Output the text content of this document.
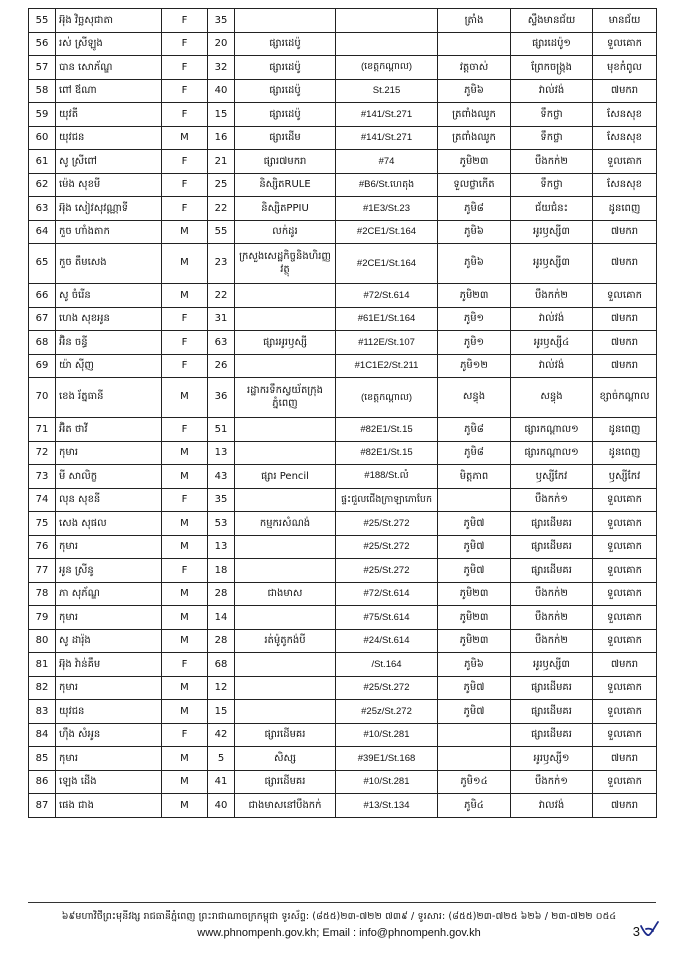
55	អ៊ុង វិច្ឆសុជាតា	F	35			ត្រាំង	ស្ទឹងមានជ័យ	មានជ័យ
56	រស់ ស្រីឡូង	F	20	ផ្សារដេប៉ូ			ផ្សារដេប៉ូ១	ទួលគោក
57	បាន សោភ័ណ្ឌ	F	32	ផ្សារដេប៉ូ	(ខេត្តកណ្ដាល)	វត្តចាស់	ព្រែកចង្ក្រង	មុខកំពូល
58	ពៅ ឪណា	F	40	ផ្សារដេប៉ូ	St.215	ភូមិ៦	វាល់វង់	៧មករា
59	យុវតី	F	15	ផ្សារដេប៉ូ	#141/St.271	ត្រពាំងឈូក	ទឹកថ្លា	សែនសុខ
60	យុវជន	M	16	ផ្សារដើម	#141/St.271	ត្រពាំងឈូក	ទឹកថ្លា	សែនសុខ
61	សូ ស្រីពៅ	F	21	ផ្សារ៧មករា	#74	ភូមិ២៣	បឹងកក់២	ទួលគោក
62	ម៉េង សុខមី	F	25	និស្សិតRULE	#B6/St.ហេតុង	ទួលថ្លាកើត	ទឹកថ្លា	សែនសុខ
63	អ៊ុង សៀវសុវណ្ណាទី	F	22	និស្សិតPPIU	#1E3/St.23	ភូមិ៨	ជ័យជំនះ	ដូនពេញ
64	កួច ហាំងតាក	M	55	លក់ដូរ	#2CE1/St.164	ភូមិ៦	អូរឫស្សី៣	៧មករា
65	កួច តឹមសេង	M	23	ក្រសួងសេដ្ឋកិច្ចនិងហិរញ្ញវត្ថុ	#2CE1/St.164	ភូមិ៦	អូរឫស្សី៣	៧មករា
66	សូ ចំរើន	M	22		#72/St.614	ភូមិ២៣	បឹងកក់២	ទួលគោក
67	ហេង សុខអូន	F	31		#61E1/St.164	ភូមិ១	វាល់វង់	៧មករា
68	អ៊ិន ចន្ធី	F	63	ផ្សារអូរឫស្សី	#112E/St.107	ភូមិ១	អូរឫស្សី៤	៧មករា
69	យ៉ា ស៊ីញ	F	26		#1C1E2/St.211	ភូមិ១២	វាល់វង់	៧មករា
70	ខេង រ័ត្នធានី	M	36	រដ្ឋាករទឹកស្វយ័តក្រុងភ្នំពេញ	(ខេត្តកណ្ដាល)	សន្ធុង	សន្ធុង	ខ្សាច់កណ្ដាល
71	អ៊ិត ថាវី	F	51		#82E1/St.15	ភូមិ៨	ផ្សារកណ្ដាល១	ដូនពេញ
72	កុមារ	M	13		#82E1/St.15	ភូមិ៨	ផ្សារកណ្ដាល១	ដូនពេញ
73	មី សាលិក្ខ	M	43	ផ្សារ Pencil	#188/St.លំ	មិត្តភាព	ឫស្សីកែវ	ឫស្សីកែវ
74	លុន សុខនី	F	35		ផ្ទះជួលជើងក្រាឡាភោបែក		បឹងកក់១	ទួលគោក
75	សេង សុផល	M	53	កម្មករសំណង់	#25/St.272	ភូមិ៧	ផ្សារដើមគរ	ទួលគោក
76	កុមារ	M	13		#25/St.272	ភូមិ៧	ផ្សារដើមគរ	ទួលគោក
77	អូន ស្រីនូ	F	18		#25/St.272	ភូមិ៧	ផ្សារដើមគរ	ទួលគោក
78	ភា សុភ័ណ្ឌ	M	28	ជាងមាស	#72/St.614	ភូមិ២៣	បឹងកក់២	ទួលគោក
79	កុមារ	M	14		#75/St.614	ភូមិ២៣	បឹងកក់២	ទួលគោក
80	សូ ដារ៉ុង	M	28	រត់ម៉ូតូកង់បី	#24/St.614	ភូមិ២៣	បឹងកក់២	ទួលគោក
81	អ៊ុង វ៉ាន់គឹម	F	68		/St.164	ភូមិ៦	អូរឫស្សី៣	៧មករា
82	កុមារ	M	12		#25/St.272	ភូមិ៧	ផ្សារដើមគរ	ទួលគោក
83	យុវជន	M	15		#25z/St.272	ភូមិ៧	ផ្សារដើមគរ	ទួលគោក
84	ហ៊ឹង សំអូន	F	42	ផ្សារដើមគរ	#10/St.281		ផ្សារដើមគរ	ទួលគោក
85	កុមារ	M	5	សិស្ស	#39E1/St.168		អូរឫស្សី១	៧មករា
86	ឡេង ដើង	M	41	ផ្សារដើមគរ	#10/St.281	ភូមិ១៤	បឹងកក់១	ទួលគោក
87	ផេង ជាង	M	40	ជាងមាសនៅបឹងកក់	#13/St.134	ភូមិ៤	វាលវង់	៧មករា
៦៩មហាវិថីព្រះមុនីវង្ស រាជធានីភ្នំពេញ ព្រះរាជាណាចក្រកម្ពុជា ទូរស័ព្ទ: (៨៥៥)២៣-៧២២ ៧៣៩ / ទូរសារ: (៨៥៥)២៣-៧២៥ ៦២៦ / ២៣-៧២២ ០៥៤
www.phnompenh.gov.kh; Email : info@phnompenh.gov.kh	3
